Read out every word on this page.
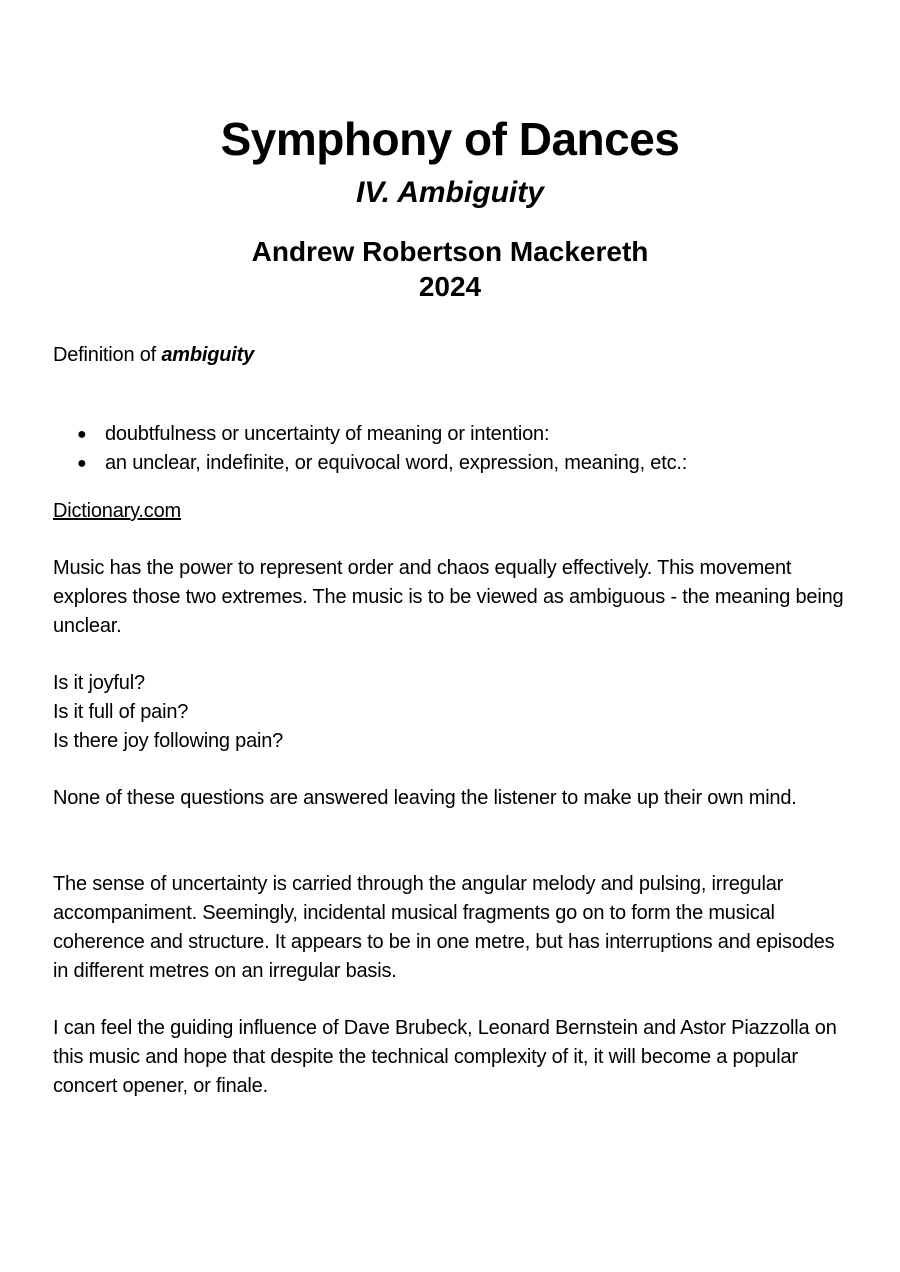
Symphony of Dances
IV. Ambiguity
Andrew Robertson Mackereth
2024
Definition of ambiguity
● doubtfulness or uncertainty of meaning or intention:
● an unclear, indefinite, or equivocal word, expression, meaning, etc.:
Dictionary.com
Music has the power to represent order and chaos equally effectively. This movement explores those two extremes. The music is to be viewed as ambiguous - the meaning being unclear.
Is it joyful?
Is it full of pain?
Is there joy following pain?
None of these questions are answered leaving the listener to make up their own mind.
The sense of uncertainty is carried through the angular melody and pulsing, irregular accompaniment. Seemingly, incidental musical fragments go on to form the musical coherence and structure. It appears to be in one metre, but has interruptions and episodes in different metres on an irregular basis.
I can feel the guiding influence of Dave Brubeck, Leonard Bernstein and Astor Piazzolla on this music and hope that despite the technical complexity of it, it will become a popular concert opener, or finale.
